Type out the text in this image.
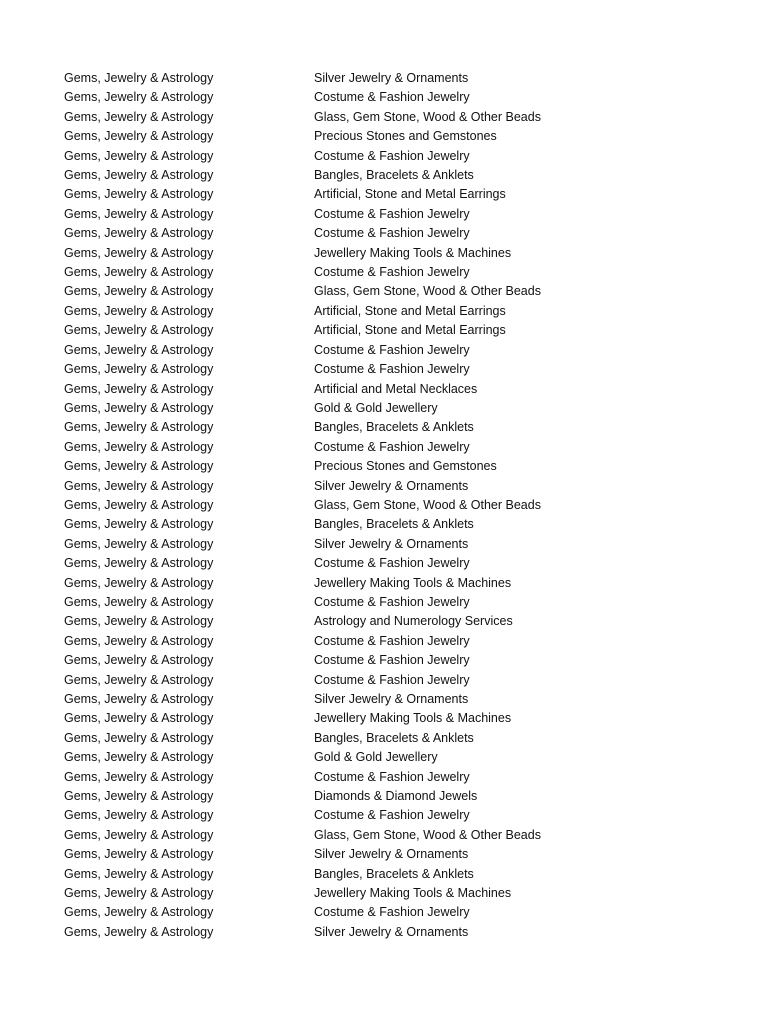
Gems, Jewelry & Astrology	Silver Jewelry & Ornaments
Gems, Jewelry & Astrology	Costume & Fashion Jewelry
Gems, Jewelry & Astrology	Glass, Gem Stone, Wood & Other Beads
Gems, Jewelry & Astrology	Precious Stones and Gemstones
Gems, Jewelry & Astrology	Costume & Fashion Jewelry
Gems, Jewelry & Astrology	Bangles, Bracelets & Anklets
Gems, Jewelry & Astrology	Artificial, Stone and Metal Earrings
Gems, Jewelry & Astrology	Costume & Fashion Jewelry
Gems, Jewelry & Astrology	Costume & Fashion Jewelry
Gems, Jewelry & Astrology	Jewellery Making Tools & Machines
Gems, Jewelry & Astrology	Costume & Fashion Jewelry
Gems, Jewelry & Astrology	Glass, Gem Stone, Wood & Other Beads
Gems, Jewelry & Astrology	Artificial, Stone and Metal Earrings
Gems, Jewelry & Astrology	Artificial, Stone and Metal Earrings
Gems, Jewelry & Astrology	Costume & Fashion Jewelry
Gems, Jewelry & Astrology	Costume & Fashion Jewelry
Gems, Jewelry & Astrology	Artificial and Metal Necklaces
Gems, Jewelry & Astrology	Gold & Gold Jewellery
Gems, Jewelry & Astrology	Bangles, Bracelets & Anklets
Gems, Jewelry & Astrology	Costume & Fashion Jewelry
Gems, Jewelry & Astrology	Precious Stones and Gemstones
Gems, Jewelry & Astrology	Silver Jewelry & Ornaments
Gems, Jewelry & Astrology	Glass, Gem Stone, Wood & Other Beads
Gems, Jewelry & Astrology	Bangles, Bracelets & Anklets
Gems, Jewelry & Astrology	Silver Jewelry & Ornaments
Gems, Jewelry & Astrology	Costume & Fashion Jewelry
Gems, Jewelry & Astrology	Jewellery Making Tools & Machines
Gems, Jewelry & Astrology	Costume & Fashion Jewelry
Gems, Jewelry & Astrology	Astrology and Numerology Services
Gems, Jewelry & Astrology	Costume & Fashion Jewelry
Gems, Jewelry & Astrology	Costume & Fashion Jewelry
Gems, Jewelry & Astrology	Costume & Fashion Jewelry
Gems, Jewelry & Astrology	Silver Jewelry & Ornaments
Gems, Jewelry & Astrology	Jewellery Making Tools & Machines
Gems, Jewelry & Astrology	Bangles, Bracelets & Anklets
Gems, Jewelry & Astrology	Gold & Gold Jewellery
Gems, Jewelry & Astrology	Costume & Fashion Jewelry
Gems, Jewelry & Astrology	Diamonds & Diamond Jewels
Gems, Jewelry & Astrology	Costume & Fashion Jewelry
Gems, Jewelry & Astrology	Glass, Gem Stone, Wood & Other Beads
Gems, Jewelry & Astrology	Silver Jewelry & Ornaments
Gems, Jewelry & Astrology	Bangles, Bracelets & Anklets
Gems, Jewelry & Astrology	Jewellery Making Tools & Machines
Gems, Jewelry & Astrology	Costume & Fashion Jewelry
Gems, Jewelry & Astrology	Silver Jewelry & Ornaments
